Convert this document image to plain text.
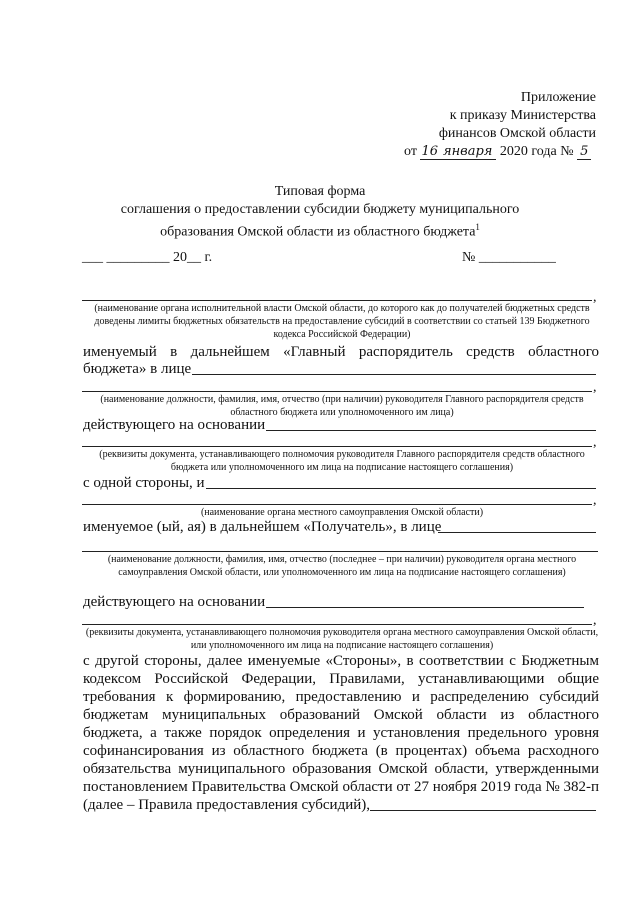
Приложение
к приказу Министерства
финансов Омской области
от 16 января 2020 года № 5
Типовая форма
соглашения о предоставлении субсидии бюджету муниципального
образования Омской области из областного бюджета$^1$
___ _________ 20__ г.	№ ___________
,
(наименование органа исполнительной власти Омской области, до которого как до получателей бюджетных средств доведены лимиты бюджетных обязательств на предоставление субсидий в соответствии со статьей 139 Бюджетного кодекса Российской Федерации)
именуемый в дальнейшем «Главный распорядитель средств областного
бюджета» в лице
,
(наименование должности, фамилия, имя, отчество (при наличии) руководителя Главного распорядителя средств областного бюджета или уполномоченного им лица)
действующего на основании
,
(реквизиты документа, устанавливающего полномочия руководителя Главного распорядителя средств областного бюджета или уполномоченного им лица на подписание настоящего соглашения)
с одной стороны, и
,
(наименование органа местного самоуправления Омской области)
именуемое (ый, ая) в дальнейшем «Получатель», в лице
(наименование должности, фамилия, имя, отчество (последнее – при наличии) руководителя органа местного самоуправления Омской области, или уполномоченного им лица на подписание настоящего соглашения)
действующего на основании
,
(реквизиты документа, устанавливающего полномочия руководителя органа местного самоуправления Омской области, или уполномоченного им лица на подписание настоящего соглашения)
с другой стороны, далее именуемые «Стороны», в соответствии с Бюджетным
кодексом Российской Федерации, Правилами, устанавливающими общие
требования к формированию, предоставлению и распределению субсидий
бюджетам муниципальных образований Омской области из областного
бюджета, а также порядок определения и установления предельного уровня
софинансирования из областного бюджета (в процентах) объема расходного
обязательства муниципального образования Омской области, утвержденными
постановлением Правительства Омской области от 27 ноября 2019 года № 382-п
(далее – Правила предоставления субсидий),
